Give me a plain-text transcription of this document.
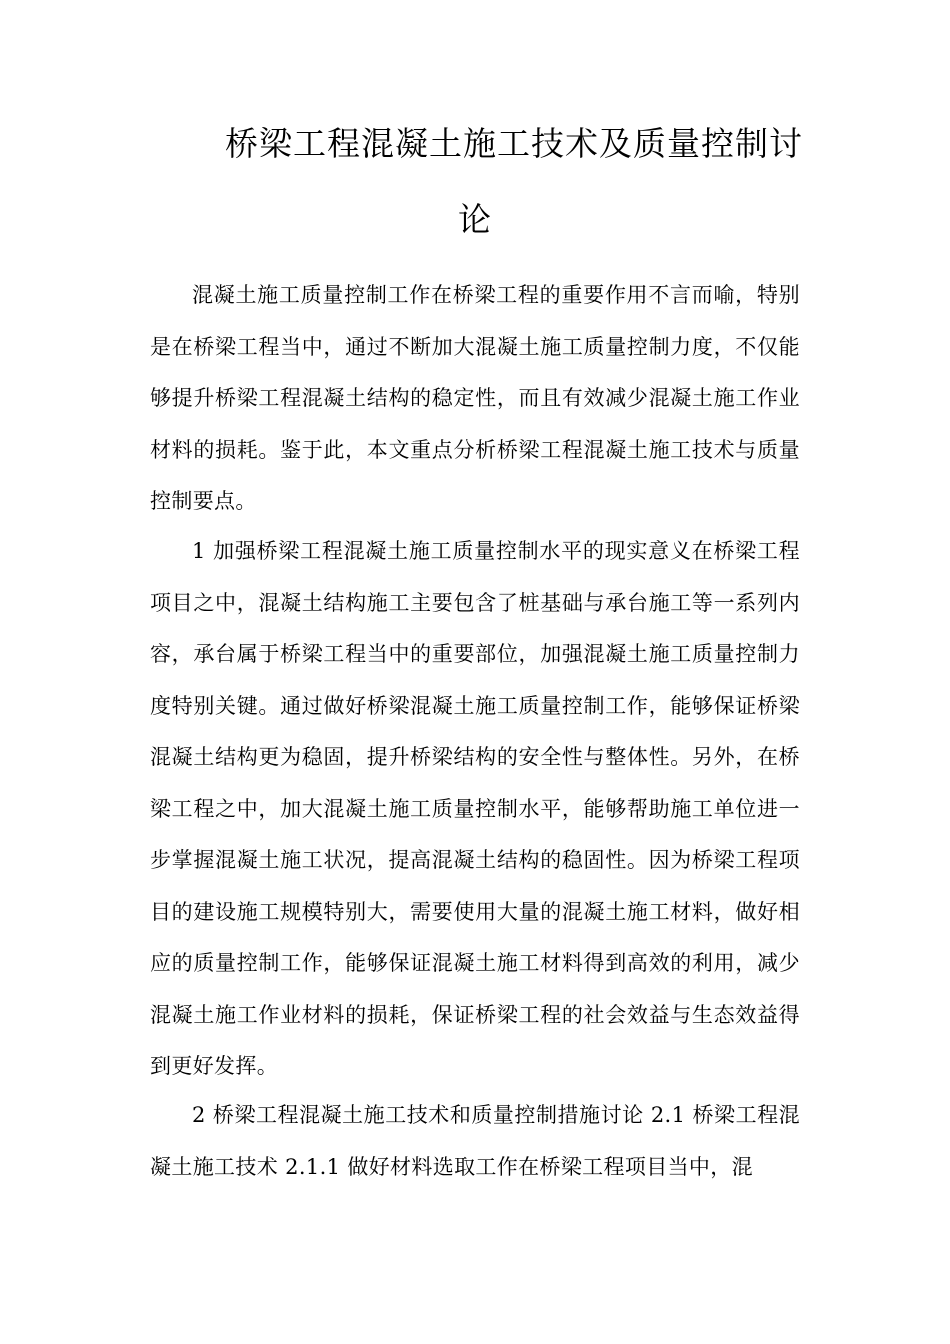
桥梁工程混凝土施工技术及质量控制讨
论

混凝土施工质量控制工作在桥梁工程的重要作用不言而喻，特别是在桥梁工程当中，通过不断加大混凝土施工质量控制力度，不仅能够提升桥梁工程混凝土结构的稳定性，而且有效减少混凝土施工作业材料的损耗。鉴于此，本文重点分析桥梁工程混凝土施工技术与质量控制要点。

1 加强桥梁工程混凝土施工质量控制水平的现实意义在桥梁工程项目之中，混凝土结构施工主要包含了桩基础与承台施工等一系列内容，承台属于桥梁工程当中的重要部位，加强混凝土施工质量控制力度特别关键。通过做好桥梁混凝土施工质量控制工作，能够保证桥梁混凝土结构更为稳固，提升桥梁结构的安全性与整体性。另外，在桥梁工程之中，加大混凝土施工质量控制水平，能够帮助施工单位进一步掌握混凝土施工状况，提高混凝土结构的稳固性。因为桥梁工程项目的建设施工规模特别大，需要使用大量的混凝土施工材料，做好相应的质量控制工作，能够保证混凝土施工材料得到高效的利用，减少混凝土施工作业材料的损耗，保证桥梁工程的社会效益与生态效益得到更好发挥。

2 桥梁工程混凝土施工技术和质量控制措施讨论 2.1 桥梁工程混凝土施工技术 2.1.1 做好材料选取工作在桥梁工程项目当中，混
